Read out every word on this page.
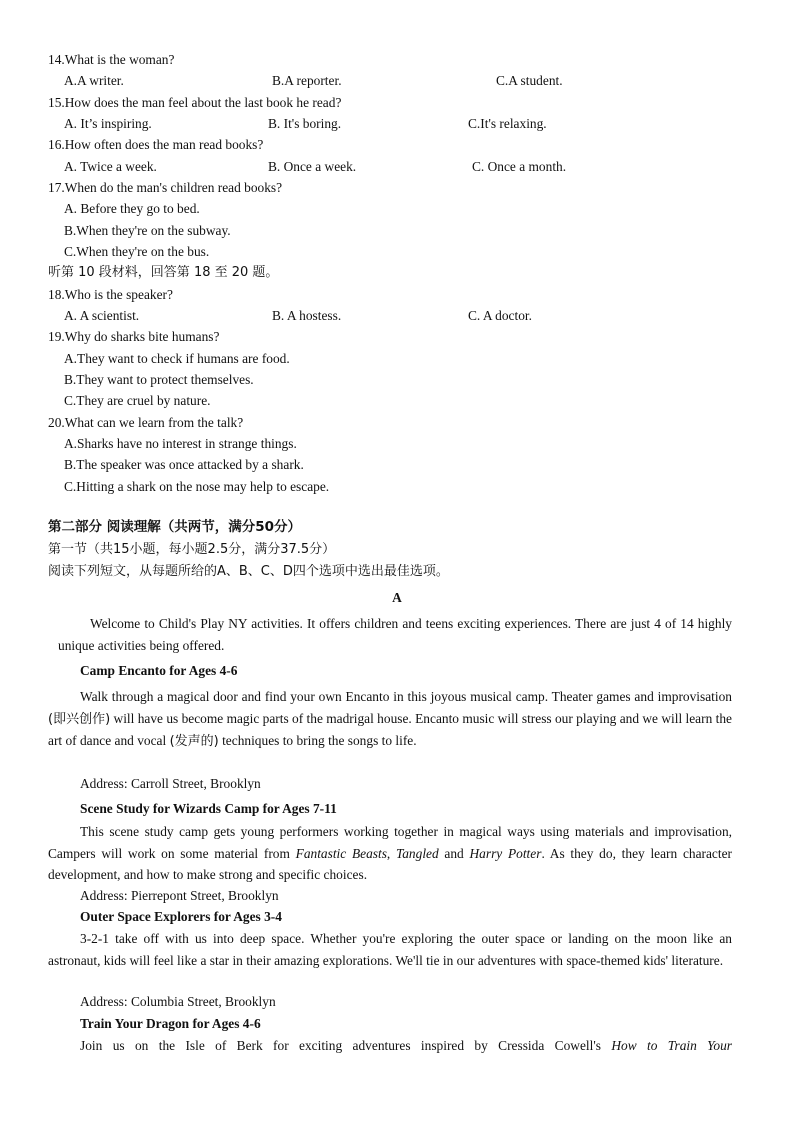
14.What is the woman?
A.A writer.	B.A reporter.	C.A student.
15.How does the man feel about the last book he read?
A. It’s inspiring.	B. It's boring.	C.It's relaxing.
16.How often does the man read books?
A. Twice a week.	B. Once a week.	C. Once a month.
17.When do the man's children read books?
A. Before they go to bed.
B.When they're on the subway.
C.When they're on the bus.
听第 10 段材料，回答第 18 至 20 题。
18.Who is the speaker?
A. A scientist.	B. A hostess.	C. A doctor.
19.Why do sharks bite humans?
A.They want to check if humans are food.
B.They want to protect themselves.
C.They are cruel by nature.
20.What can we learn from the talk?
A.Sharks have no interest in strange things.
B.The speaker was once attacked by a shark.
C.Hitting a shark on the nose may help to escape.
第二部分 阅读理解（共两节，满分50分）
第一节（共15小题，每小题2.5分，满分37.5分）
阅读下列短文，从每题所给的A、B、C、D四个选项中选出最佳选项。
A

Welcome to Child's Play NY activities. It offers children and teens exciting experiences. There are just 4 of 14 highly unique activities being offered.

Camp Encanto for Ages 4-6

Walk through a magical door and find your own Encanto in this joyous musical camp. Theater games and improvisation (即兴创作) will have us become magic parts of the madrigal house. Encanto music will stress our playing and we will learn the art of dance and vocal (发声的) techniques to bring the songs to life.

Address: Carroll Street, Brooklyn
Scene Study for Wizards Camp for Ages 7-11

This scene study camp gets young performers working together in magical ways using materials and improvisation, Campers will work on some material from Fantastic Beasts, Tangled and Harry Potter. As they do, they learn character development, and how to make strong and specific choices.

Address: Pierrepont Street, Brooklyn
Outer Space Explorers for Ages 3-4

3-2-1 take off with us into deep space. Whether you're exploring the outer space or landing on the moon like an astronaut, kids will feel like a star in their amazing explorations. We'll tie in our adventures with space-themed kids' literature.

Address: Columbia Street, Brooklyn
Train Your Dragon for Ages 4-6

Join us on the Isle of Berk for exciting adventures inspired by Cressida Cowell's How to Train Your
